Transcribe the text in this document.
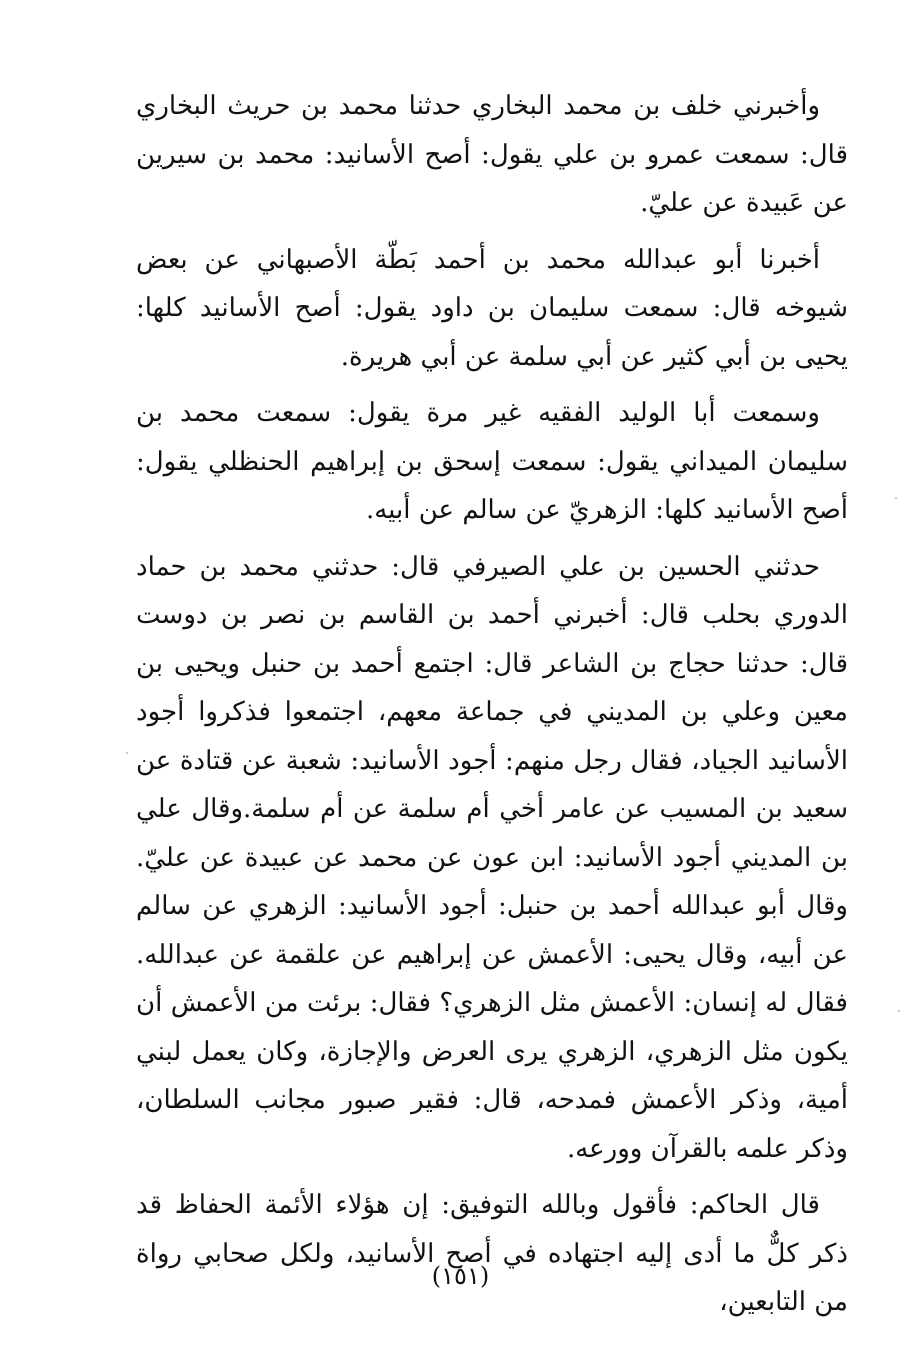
وأخبرني خلف بن محمد البخاري حدثنا محمد بن حريث البخاري قال: سمعت عمرو بن علي يقول: أصح الأسانيد: محمد بن سيرين عن عَبيدة عن عليّ.

أخبرنا أبو عبدالله محمد بن أحمد بَطّة الأصبهاني عن بعض شيوخه قال: سمعت سليمان بن داود يقول: أصح الأسانيد كلها: يحيى بن أبي كثير عن أبي سلمة عن أبي هريرة.

وسمعت أبا الوليد الفقيه غير مرة يقول: سمعت محمد بن سليمان الميداني يقول: سمعت إسحق بن إبراهيم الحنظلي يقول: أصح الأسانيد كلها: الزهريّ عن سالم عن أبيه.

حدثني الحسين بن علي الصيرفي قال: حدثني محمد بن حماد الدوري بحلب قال: أخبرني أحمد بن القاسم بن نصر بن دوست قال: حدثنا حجاج بن الشاعر قال: اجتمع أحمد بن حنبل ويحيى بن معين وعلي بن المديني في جماعة معهم، اجتمعوا فذكروا أجود الأسانيد الجياد، فقال رجل منهم: أجود الأسانيد: شعبة عن قتادة عن سعيد بن المسيب عن عامر أخي أم سلمة عن أم سلمة.وقال علي بن المديني أجود الأسانيد: ابن عون عن محمد عن عبيدة عن عليّ. وقال أبو عبدالله أحمد بن حنبل: أجود الأسانيد: الزهري عن سالم عن أبيه، وقال يحيى: الأعمش عن إبراهيم عن علقمة عن عبدالله. فقال له إنسان: الأعمش مثل الزهري؟ فقال: برئت من الأعمش أن يكون مثل الزهري، الزهري يرى العرض والإجازة، وكان يعمل لبني أمية، وذكر الأعمش فمدحه، قال: فقير صبور مجانب السلطان، وذكر علمه بالقرآن وورعه.

قال الحاكم: فأقول وبالله التوفيق: إن هؤلاء الأئمة الحفاظ قد ذكر كلٌّ ما أدى إليه اجتهاده في أصح الأسانيد، ولكل صحابي رواة من التابعين،

(١٥١)
